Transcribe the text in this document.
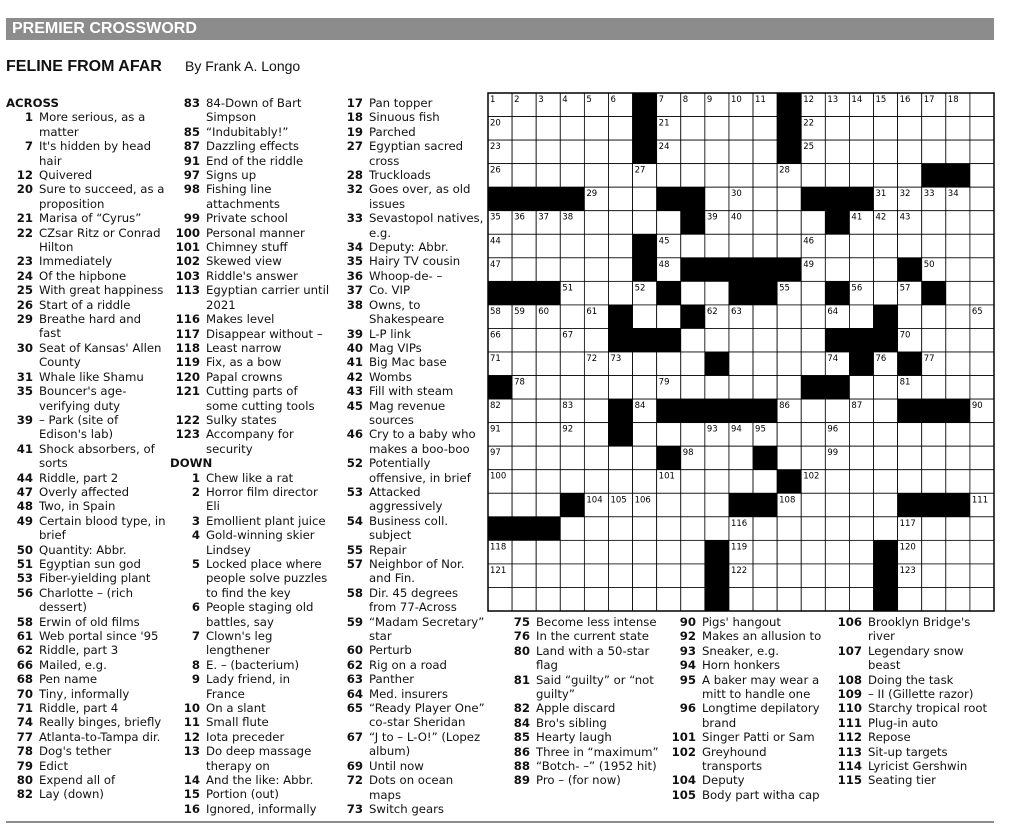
PREMIER CROSSWORD
FELINE FROM AFAR By Frank A. Longo
ACROSS
1 More serious, as a matter
7 It's hidden by head hair
12 Quivered
20 Sure to succeed, as a proposition
21 Marisa of “Cyrus”
22 CZsar Ritz or Conrad Hilton
23 Immediately
24 Of the hipbone
25 With great happiness
26 Start of a riddle
29 Breathe hard and fast
30 Seat of Kansas' Allen County
31 Whale like Shamu
35 Bouncer's age-verifying duty
39 – Park (site of Edison's lab)
41 Shock absorbers, of sorts
44 Riddle, part 2
47 Overly affected
48 Two, in Spain
49 Certain blood type, in brief
50 Quantity: Abbr.
51 Egyptian sun god
53 Fiber-yielding plant
56 Charlotte – (rich dessert)
58 Erwin of old films
61 Web portal since '95
62 Riddle, part 3
66 Mailed, e.g.
68 Pen name
70 Tiny, informally
71 Riddle, part 4
74 Really binges, briefly
77 Atlanta-to-Tampa dir.
78 Dog's tether
79 Edict
80 Expend all of
82 Lay (down)
83 84-Down of Bart Simpson
85 “Indubitably!”
87 Dazzling effects
91 End of the riddle
97 Signs up
98 Fishing line attachments
99 Private school
100 Personal manner
101 Chimney stuff
102 Skewed view
103 Riddle's answer
113 Egyptian carrier until 2021
116 Makes level
117 Disappear without –
118 Least narrow
119 Fix, as a bow
120 Papal crowns
121 Cutting parts of some cutting tools
122 Sulky states
123 Accompany for security
DOWN
1 Chew like a rat
2 Horror film director Eli
3 Emollient plant juice
4 Gold-winning skier Lindsey
5 Locked place where people solve puzzles to find the key
6 People staging old battles, say
7 Clown's leg lengthener
8 E. – (bacterium)
9 Lady friend, in France
10 On a slant
11 Small flute
12 Iota preceder
13 Do deep massage therapy on
14 And the like: Abbr.
15 Portion (out)
16 Ignored, informally
17 Pan topper
18 Sinuous fish
19 Parched
27 Egyptian sacred cross
28 Truckloads
32 Goes over, as old issues
33 Sevastopol natives, e.g.
34 Deputy: Abbr.
35 Hairy TV cousin
36 Whoop-de- –
37 Co. VIP
38 Owns, to Shakespeare
39 L-P link
40 Mag VIPs
41 Big Mac base
42 Wombs
43 Fill with steam
45 Mag revenue sources
46 Cry to a baby who makes a boo-boo
52 Potentially offensive, in brief
53 Attacked aggressively
54 Business coll. subject
55 Repair
57 Neighbor of Nor. and Fin.
58 Dir. 45 degrees from 77-Across
59 “Madam Secretary” star
60 Perturb
62 Rig on a road
63 Panther
64 Med. insurers
65 “Ready Player One” co-star Sheridan
67 “J to – L-O!” (Lopez album)
69 Until now
72 Dots on ocean maps
73 Switch gears
75 Become less intense
76 In the current state
80 Land with a 50-star flag
81 Said “guilty” or “not guilty”
82 Apple discard
84 Bro's sibling
85 Hearty laugh
86 Three in “maximum”
88 “Botch- –” (1952 hit)
89 Pro – (for now)
90 Pigs' hangout
92 Makes an allusion to
93 Sneaker, e.g.
94 Horn honkers
95 A baker may wear a mitt to handle one
96 Longtime depilatory brand
101 Singer Patti or Sam
102 Greyhound transports
104 Deputy
105 Body part witha cap
106 Brooklyn Bridge's river
107 Legendary snow beast
108 Doing the task
109 – II (Gillette razor)
110 Starchy tropical root
111 Plug-in auto
112 Repose
113 Sit-up targets
114 Lyricist Gershwin
115 Seating tier
1 2 3 4 5 6	7 8 9 10 11	12 13 14 15 16 17 18
20	21	22
23	24	25
26	27	28
29	30	31 32 33 34
35 36 37 38	39 40	41 42 43
44	45	46
47	48	49	50
51	52	55	56	57
58 59 60	61	62 63	64	65
66	67	70
71	72 73	74	76	77
78	79	81
82	83	84	86	87	90
91	92	93 94 95	96
97	98	99
100	101	102
104 105 106	108	111
116	117
118	119	120
121	122	123
